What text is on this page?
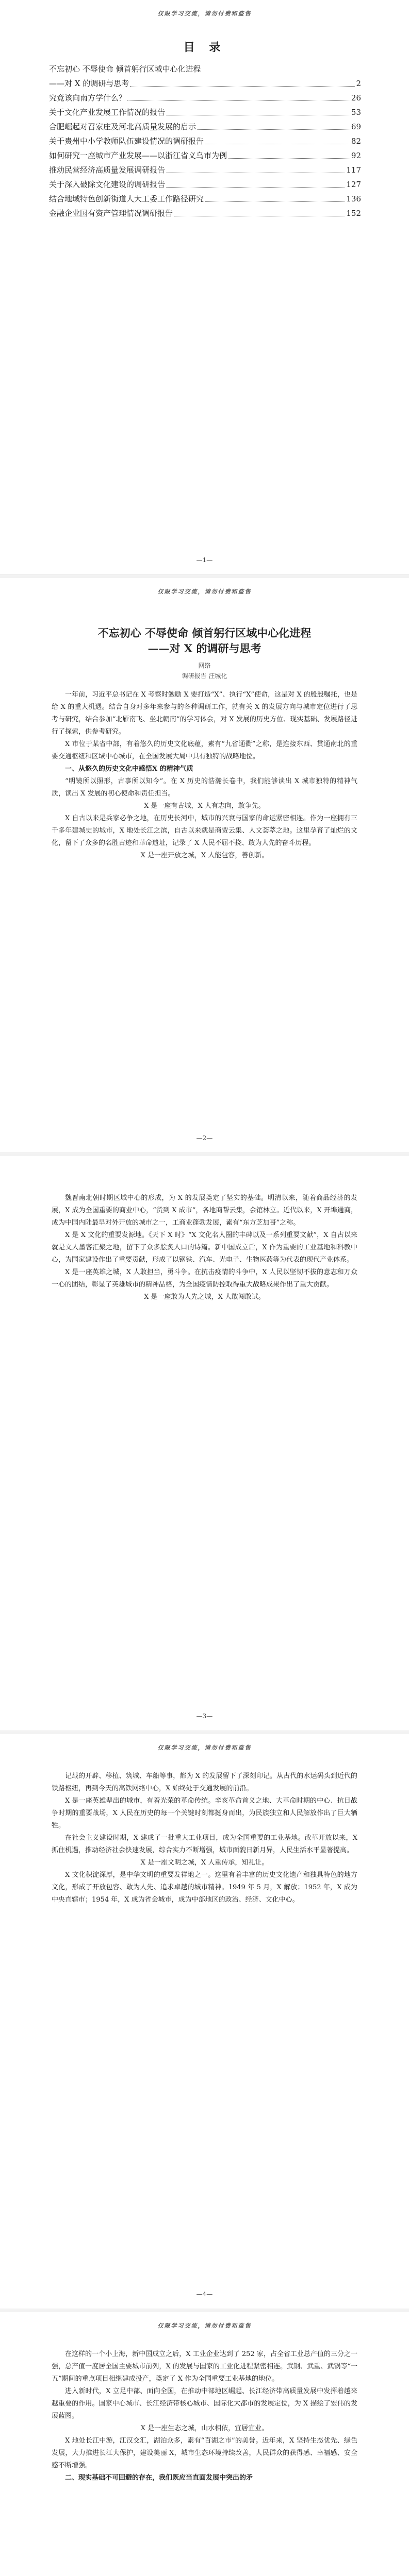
仅限学习交流，请勿付费和盗售
目 录
不忘初心 不辱使命 倾首躬行区域中心化进程
——对 X 的调研与思考	2
究竟该向南方学什么？	26
关于文化产业发展工作情况的报告	53
合肥崛起对召家庄及河北高质量发展的启示	69
关于贵州中小学教师队伍建设情况的调研报告	82
如何研究一座城市产业发展——以浙江省义乌市为例	92
推动民营经济高质量发展调研报告	117
关于深入破除文化建设的调研报告	127
结合地域特色创新街道人大工委工作路径研究	136
金融企业国有资产管理情况调研报告	152
—1—
仅限学习交流，请勿付费和盗售
不忘初心 不辱使命 倾首躬行区域中心化进程
——对 X 的调研与思考
网络
调研报告 汪城化

一年前，习近平总书记在 X 考察时勉励 X 要打造“X”、执行“X”使命，这是对 X 的殷殷嘱托，也是给 X 的重大机遇。结合自身对多年来参与的各种调研工作，就有关 X 的发展方向与城市定位进行了思考与研究，结合参加“北雁南飞、坐北朝南”的学习体会，对 X 发展的历史方位、现实基础、发展路径进行了探索，供参考研究。

X 市位于某省中部，有着悠久的历史文化底蕴，素有“九省通衢”之称，是连接东西、贯通南北的重要交通枢纽和区域中心城市，在全国发展大局中具有独特的战略地位。

一、从悠久的历史文化中感悟X 的精神气质

“明镜所以照形，古事所以知今”。在 X 历史的浩瀚长卷中，我们能够读出 X 城市独特的精神气质，读出 X 发展的初心使命和责任担当。

X 是一座有古城，X 人有志向，敢争先。

X 自古以来是兵家必争之地，在历史长河中，城市的兴衰与国家的命运紧密相连。作为一座拥有三千多年建城史的城市，X 地处长江之滨，自古以来就是商贾云集、人文荟萃之地。这里孕育了灿烂的文化，留下了众多的名胜古迹和革命遗址，记录了 X 人民不屈不挠、敢为人先的奋斗历程。

X 是一座开放之城，X 人能包容，善创新。

—2—

魏晋南北朝时期区域中心的形成，为 X 的发展奠定了坚实的基础。明清以来，随着商品经济的发展，X 成为全国重要的商业中心，“货到 X 成市”，各地商帮云集，会馆林立。近代以来，X 开埠通商，成为中国内陆最早对外开放的城市之一，工商业蓬勃发展，素有“东方芝加哥”之称。

X 是 X 文化的重要发源地。《天下 X 时》“X 文化名人圈的丰碑以及一系列重要文献”，X 自古以来就是文人墨客汇聚之地，留下了众多脍炙人口的诗篇。新中国成立后，X 作为重要的工业基地和科教中心，为国家建设作出了重要贡献，形成了以钢铁、汽车、光电子、生物医药等为代表的现代产业体系。

X 是一座英雄之城，X 人敢担当，勇斗争。在抗击疫情的斗争中，X 人民以坚韧不拔的意志和万众一心的团结，彰显了英雄城市的精神品格，为全国疫情防控取得重大战略成果作出了重大贡献。

X 是一座敢为人先之城，X 人敢闯敢试。

—3—
仅限学习交流，请勿付费和盗售

记载的开辟、移植、筑城、车船等事，都为 X 的发展留下了深刻印记。从古代的水运码头到近代的铁路枢纽，再到今天的高铁网络中心，X 始终处于交通发展的前沿。

X 是一座英雄辈出的城市，有着光荣的革命传统。辛亥革命首义之地、大革命时期的中心、抗日战争时期的重要战场，X 人民在历史的每一个关键时刻都挺身而出，为民族独立和人民解放作出了巨大牺牲。

在社会主义建设时期，X 建成了一批重大工业项目，成为全国重要的工业基地。改革开放以来，X 抓住机遇，推动经济社会快速发展，综合实力不断增强，城市面貌日新月异，人民生活水平显著提高。

X 是一座文明之城，X 人重传承，知礼让。

X 文化积淀深厚，是中华文明的重要发祥地之一。这里有着丰富的历史文化遗产和独具特色的地方文化，形成了开放包容、敢为人先、追求卓越的城市精神。1949 年 5 月，X 解放；1952 年，X 成为中央直辖市；1954 年，X 成为省会城市，成为中部地区的政治、经济、文化中心。

—4—
仅限学习交流，请勿付费和盗售

在这样的一个小上海，新中国成立之后，X 工业企业达到了 252 家，占全省工业总产值的三分之一强，总产值一度居全国主要城市前列，X 的发展与国家的工业化进程紧密相连。武钢、武重、武锅等“一五”期间的重点项目相继建成投产，奠定了 X 作为全国重要工业基地的地位。

进入新时代，X 立足中部、面向全国，在推动中部地区崛起、长江经济带高质量发展中发挥着越来越重要的作用。国家中心城市、长江经济带核心城市、国际化大都市的发展定位，为 X 描绘了宏伟的发展蓝图。

X 是一座生态之城，山水相依，宜居宜业。

X 地处长江中游，江汉交汇，湖泊众多，素有“百湖之市”的美誉。近年来，X 坚持生态优先、绿色发展，大力推进长江大保护，建设美丽 X，城市生态环境持续改善，人民群众的获得感、幸福感、安全感不断增强。

二、现实基础不可回避的存在，我们既应当直面发展中突出的矛
